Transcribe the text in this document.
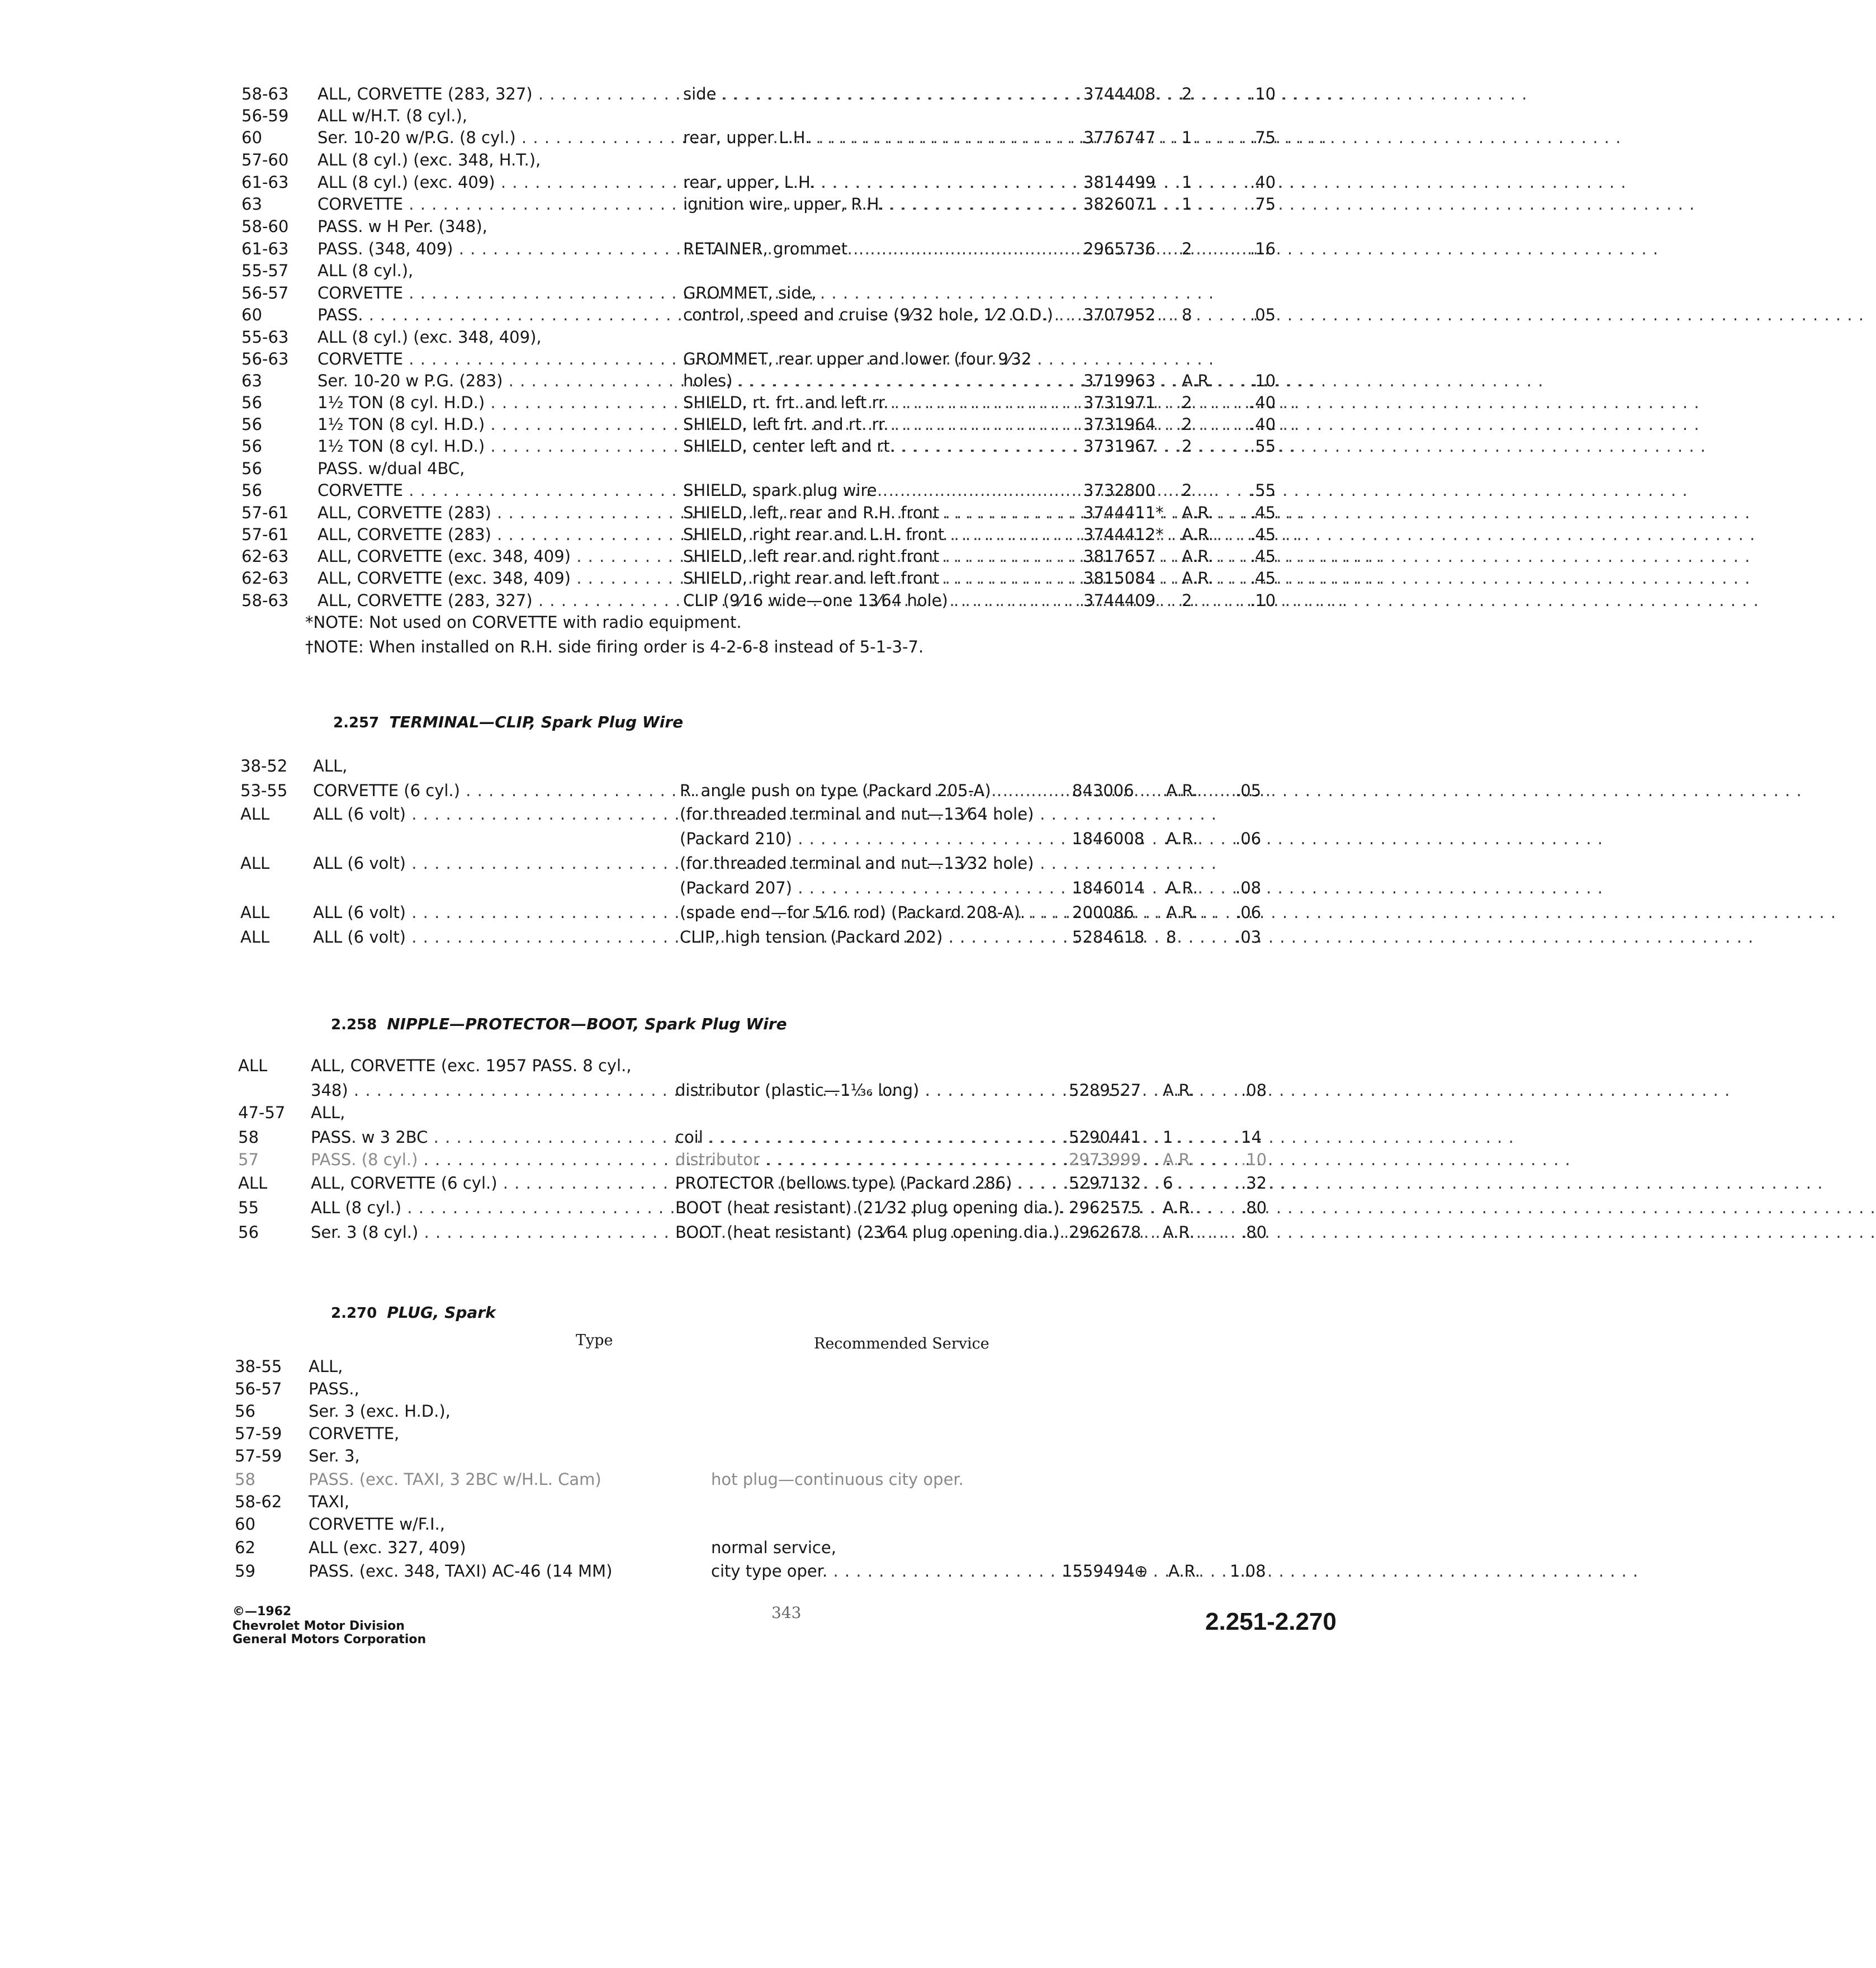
58-63	ALL, CORVETTE (283, 327) . . .	side . . .	3744408 2	.10
56-59	ALL w/H.T. (8 cyl.),
60	Ser. 10-20 w/P.G. (8 cyl.) . . .	rear, upper L.H. . . .	3776747 1	.75
57-60	ALL (8 cyl.) (exc. 348, H.T.),
61-63	ALL (8 cyl.) (exc. 409) . . .	rear, upper, L.H. . . .	3814499 1	.40
63	CORVETTE . . .	ignition wire, upper, R.H. . . .	3826071 1	.75
58-60	PASS. w H Per. (348),
61-63	PASS. (348, 409) . . .	RETAINER, grommet . . .	2965736 2	.16
55-57	ALL (8 cyl.),
56-57	CORVETTE . . .	GROMMET, side,
60	PASS. . . .	control, speed and cruise (9⁄32 hole, 1⁄2 O.D.) . . .	3707952 8	.05
55-63	ALL (8 cyl.) (exc. 348, 409),
56-63	CORVETTE . . .	GROMMET, rear upper and lower (four 9⁄32
63	Ser. 10-20 w P.G. (283) . . .	holes) . . .	3719963 A.R. .10
56	1½ TON (8 cyl. H.D.) . . .	SHIELD, rt. frt. and left rr. . . .	3731971 2	.40
56	1½ TON (8 cyl. H.D.) . . .	SHIELD, left frt. and rt. rr. . . .	3731964 2	.40
56	1½ TON (8 cyl. H.D.) . . .	SHIELD, center left and rt. . . .	3731967 2	.55
56	PASS. w/dual 4BC,
56	CORVETTE . . .	SHIELD, spark plug wire . . .	3732800 2	.55
57-61	ALL, CORVETTE (283) . . .	SHIELD, left, rear and R.H. front . . .	3744411* A.R. .45
57-61	ALL, CORVETTE (283) . . .	SHIELD, right rear and L.H. front . . .	3744412* A.R. .45
62-63	ALL, CORVETTE (exc. 348, 409) . . .	SHIELD, left rear and right front . . .	3817657 A.R. .45
62-63	ALL, CORVETTE (exc. 348, 409) . . .	SHIELD, right rear and left front . . .	3815084 A.R. .45
58-63	ALL, CORVETTE (283, 327) . . .	CLIP (9⁄16 wide—one 13⁄64 hole) . . .	3744409 2	.10
*NOTE: Not used on CORVETTE with radio equipment.
†NOTE: When installed on R.H. side firing order is 4-2-6-8 instead of 5-1-3-7.
2.257 TERMINAL—CLIP, Spark Plug Wire
38-52	ALL,
53-55	CORVETTE (6 cyl.) . . .	R. angle push on type (Packard 205-A) . . .	843006 A.R.	.05
ALL	ALL (6 volt) . . .	(for threaded terminal and nut—13⁄64 hole)
(Packard 210) . . .	1846008 A.R.	.06
ALL	ALL (6 volt) . . .	(for threaded terminal and nut—13⁄32 hole)
(Packard 207) . . .	1846014 A.R.	.08
ALL	ALL (6 volt) . . .	(spade end—for 5⁄16 rod) (Packard 208-A). . . .	200086 A.R.	.06
ALL	ALL (6 volt) . . .	CLIP, high tension (Packard 202) . . .	5284618 8	.03
2.258 NIPPLE—PROTECTOR—BOOT, Spark Plug Wire
ALL	ALL, CORVETTE (exc. 1957 PASS. 8 cyl.,
348) . . .	distributor (plastic—1⅓₆ long) . . .	5289527 A.R.	.08
47-57	ALL,
58	PASS. w 3 2BC . . .	coil . . .	5290441 1	14
57	PASS. (8 cyl.) . . .	distributor . . .	2973999 A.R.	.10
ALL	ALL, CORVETTE (6 cyl.) . . .	PROTECTOR (bellows type) (Packard 286) . . .	5297132 6	.32
55	ALL (8 cyl.) . . .	BOOT (heat resistant) (21⁄32 plug opening dia.). . . . 2962575 A.R.	.80
56	Ser. 3 (8 cyl.) . . .	BOOT (heat resistant) (23⁄64 plug opening dia.). . . . 2962678 A.R.	.80
2.270 PLUG, Spark
Type	Recommended Service
38-55	ALL,
56-57	PASS.,
56	Ser. 3 (exc. H.D.),
57-59	CORVETTE,
57-59	Ser. 3,
58	PASS. (exc. TAXI, 3 2BC w/H.L. Cam)	hot plug—continuous city oper.
58-62	TAXI,
60	CORVETTE w/F.I.,
62	ALL (exc. 327, 409)	normal service,
59	PASS. (exc. 348, TAXI) AC-46 (14 MM)	city type oper. . . .	1559494⊕ A.R.	1.08
©—1962
Chevrolet Motor Division
General Motors Corporation
343	2.251-2.270
